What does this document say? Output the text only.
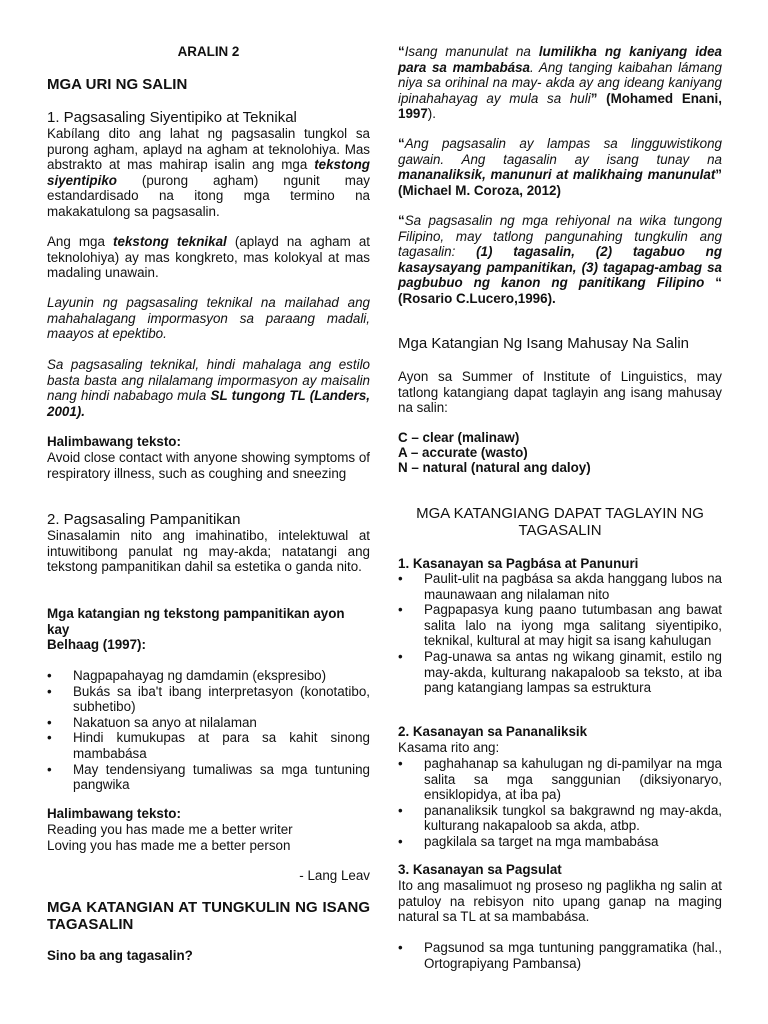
ARALIN 2

MGA URI NG SALIN

1. Pagsasaling Siyentipiko at Teknikal

Kabílang dito ang lahat ng pagsasalin tungkol sa purong agham, aplayd na agham at teknolohiya. Mas abstrakto at mas mahirap isalin ang mga tekstong siyentipiko (purong agham) ngunit may estandardisado na itong mga termino na makakatulong sa pagsasalin.

Ang mga tekstong teknikal (aplayd na agham at teknolohiya) ay mas kongkreto, mas kolokyal at mas madaling unawain.

Layunin ng pagsasaling teknikal na mailahad ang mahahalagang impormasyon sa paraang madali, maayos at epektibo.

Sa pagsasaling teknikal, hindi mahalaga ang estilo basta basta ang nilalamang impormasyon ay maisalin nang hindi nababago mula SL tungong TL (Landers, 2001).

Halimbawang teksto:

Avoid close contact with anyone showing symptoms of respiratory illness, such as coughing and sneezing

2. Pagsasaling Pampanitikan

Sinasalamin nito ang imahinatibo, intelektuwal at intuwitibong panulat ng may-akda; natatangi ang tekstong pampanitikan dahil sa estetika o ganda nito.

Mga katangian ng tekstong pampanitikan ayon kay
Belhaag (1997):

• Nagpapahayag ng damdamin (ekspresibo)
• Bukás sa iba't ibang interpretasyon (konotatibo, subhetibo)
• Nakatuon sa anyo at nilalaman
• Hindi kumukupas at para sa kahit sinong mambabása
• May tendensiyang tumaliwas sa mga tuntuning pangwika

Halimbawang teksto:

Reading you has made me a better writer

Loving you has made me a better person

- Lang Leav

MGA KATANGIAN AT TUNGKULIN NG ISANG TAGASALIN

Sino ba ang tagasalin?

“Isang manunulat na lumilikha ng kaniyang idea para sa mambabása. Ang tanging kaibahan lámang niya sa orihinal na may- akda ay ang ideang kaniyang ipinahahayag ay mula sa huli” (Mohamed Enani, 1997).

“Ang pagsasalin ay lampas sa lingguwistikong gawain. Ang tagasalin ay isang tunay na mananaliksik, manunuri at malikhaing manunulat” (Michael M. Coroza, 2012)

“Sa pagsasalin ng mga rehiyonal na wika tungong Filipino, may tatlong pangunahing tungkulin ang tagasalin: (1) tagasalin, (2) tagabuo ng kasaysayang pampanitikan, (3) tagapag-ambag sa pagbubuo ng kanon ng panitikang Filipino “ (Rosario C.Lucero,1996).

Mga Katangian Ng Isang Mahusay Na Salin

Ayon sa Summer of Institute of Linguistics, may tatlong katangiang dapat taglayin ang isang mahusay na salin:

C – clear (malinaw)

A – accurate (wasto)

N – natural (natural ang daloy)

MGA KATANGIANG DAPAT TAGLAYIN NG TAGASALIN

1. Kasanayan sa Pagbása at Panunuri

• Paulit-ulit na pagbása sa akda hanggang lubos na maunawaan ang nilalaman nito
• Pagpapasya kung paano tutumbasan ang bawat salita lalo na iyong mga salitang siyentipiko, teknikal, kultural at may higit sa isang kahulugan
• Pag-unawa sa antas ng wikang ginamit, estilo ng may-akda, kulturang nakapaloob sa teksto, at iba pang katangiang lampas sa estruktura

2. Kasanayan sa Pananaliksik

Kasama rito ang:

• paghahanap sa kahulugan ng di-pamilyar na mga salita sa mga sanggunian (diksiyonaryo, ensiklopidya, at iba pa)
• pananaliksik tungkol sa bakgrawnd ng may-akda, kulturang nakapaloob sa akda, atbp.
• pagkilala sa target na mga mambabása

3. Kasanayan sa Pagsulat

Ito ang masalimuot ng proseso ng paglikha ng salin at patuloy na rebisyon nito upang ganap na maging natural sa TL at sa mambabása.

• Pagsunod sa mga tuntuning panggramatika (hal., Ortograpiyang Pambansa)
